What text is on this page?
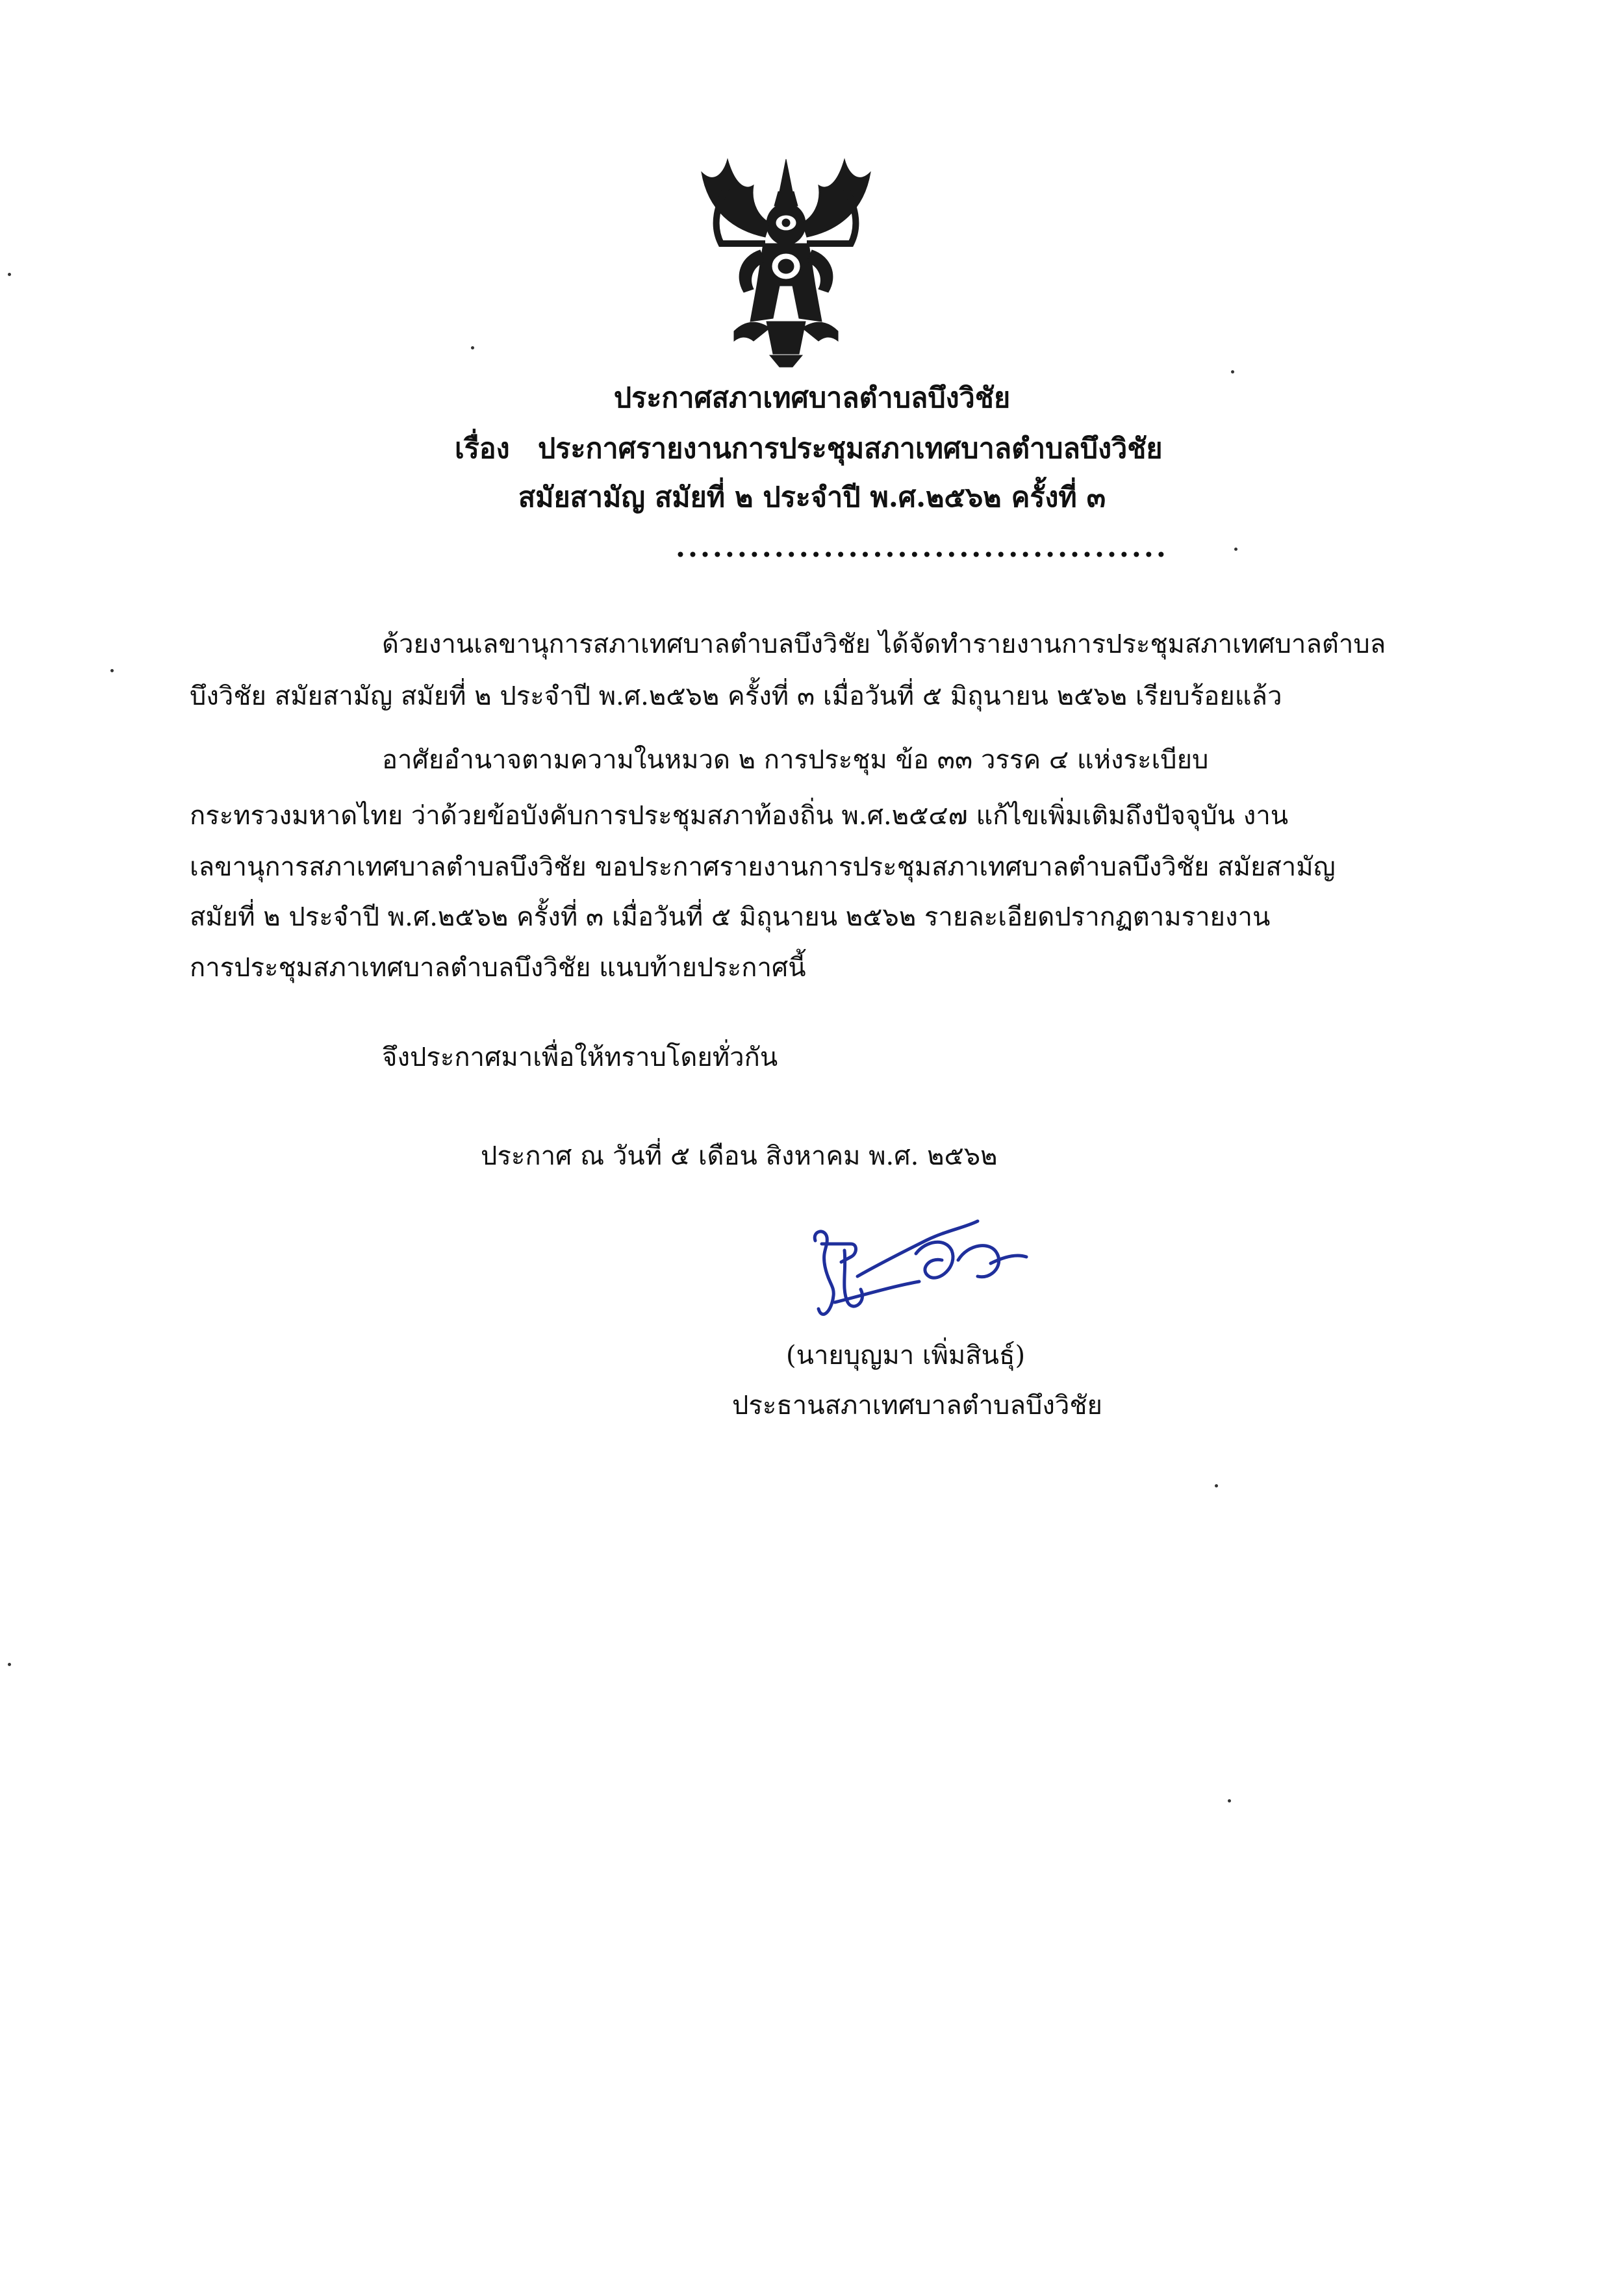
ประกาศสภาเทศบาลตำบลบึงวิชัย
เรื่อง ประกาศรายงานการประชุมสภาเทศบาลตำบลบึงวิชัย
สมัยสามัญ สมัยที่ ๒ ประจำปี พ.ศ.๒๕๖๒ ครั้งที่ ๓
........................................
ด้วยงานเลขานุการสภาเทศบาลตำบลบึงวิชัย ได้จัดทำรายงานการประชุมสภาเทศบาลตำบล
บึงวิชัย สมัยสามัญ สมัยที่ ๒ ประจำปี พ.ศ.๒๕๖๒ ครั้งที่ ๓ เมื่อวันที่ ๕ มิถุนายน ๒๕๖๒ เรียบร้อยแล้ว
อาศัยอำนาจตามความในหมวด ๒ การประชุม ข้อ ๓๓ วรรค ๔ แห่งระเบียบ
กระทรวงมหาดไทย ว่าด้วยข้อบังคับการประชุมสภาท้องถิ่น พ.ศ.๒๕๔๗ แก้ไขเพิ่มเติมถึงปัจจุบัน งาน
เลขานุการสภาเทศบาลตำบลบึงวิชัย ขอประกาศรายงานการประชุมสภาเทศบาลตำบลบึงวิชัย สมัยสามัญ
สมัยที่ ๒ ประจำปี พ.ศ.๒๕๖๒ ครั้งที่ ๓ เมื่อวันที่ ๕ มิถุนายน ๒๕๖๒ รายละเอียดปรากฏตามรายงาน
การประชุมสภาเทศบาลตำบลบึงวิชัย แนบท้ายประกาศนี้
จึงประกาศมาเพื่อให้ทราบโดยทั่วกัน
ประกาศ ณ วันที่ ๕ เดือน สิงหาคม พ.ศ. ๒๕๖๒
(นายบุญมา เพิ่มสินธุ์)
ประธานสภาเทศบาลตำบลบึงวิชัย
